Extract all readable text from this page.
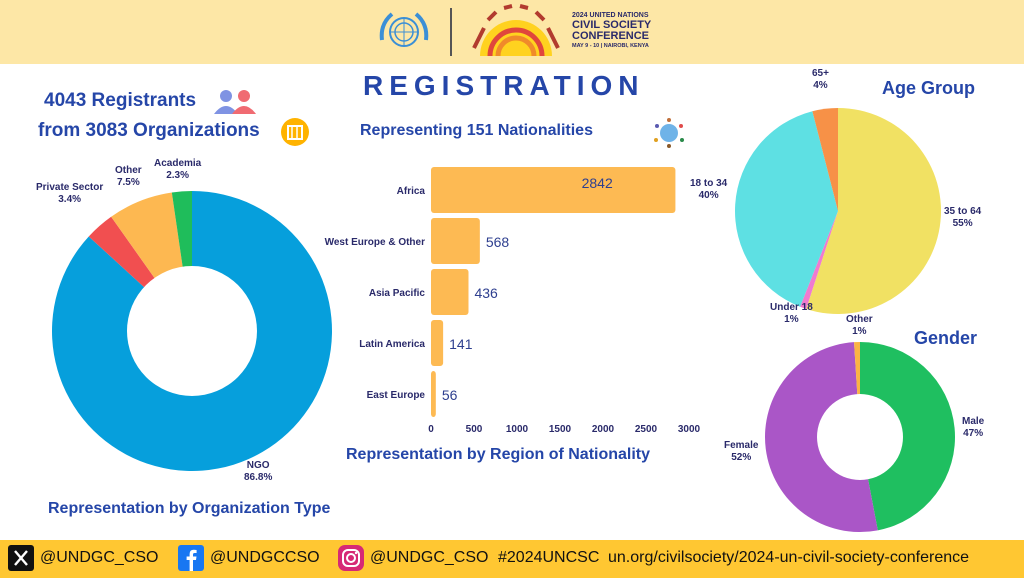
2024 UNITED NATIONS
CIVIL SOCIETY
CONFERENCE
MAY 9 - 10 | NAIROBI, KENYA
REGISTRATION
4043 Registrants
from 3083 Organizations
NGO
86.8%
Private Sector
3.4%
Other
7.5%
Academia
2.3%
Representation by Organization Type
Representing 151 Nationalities
Africa
2842
West Europe & Other	568
Asia Pacific	436
Latin America 141
East Europe 56
0	500 1000 1500 2000 2500 3000
Representation by Region of Nationality
Age Group
35 to 64
55%
Under 18
1%
18 to 34
40%
65+
4%
Gender
Male
47%
Female
52%
Other
1%
@UNDGC_CSO	@UNDGCCSO	@UNDGC_CSO #2024UNCSC un.org/civilsociety/2024-un-civil-society-conference
